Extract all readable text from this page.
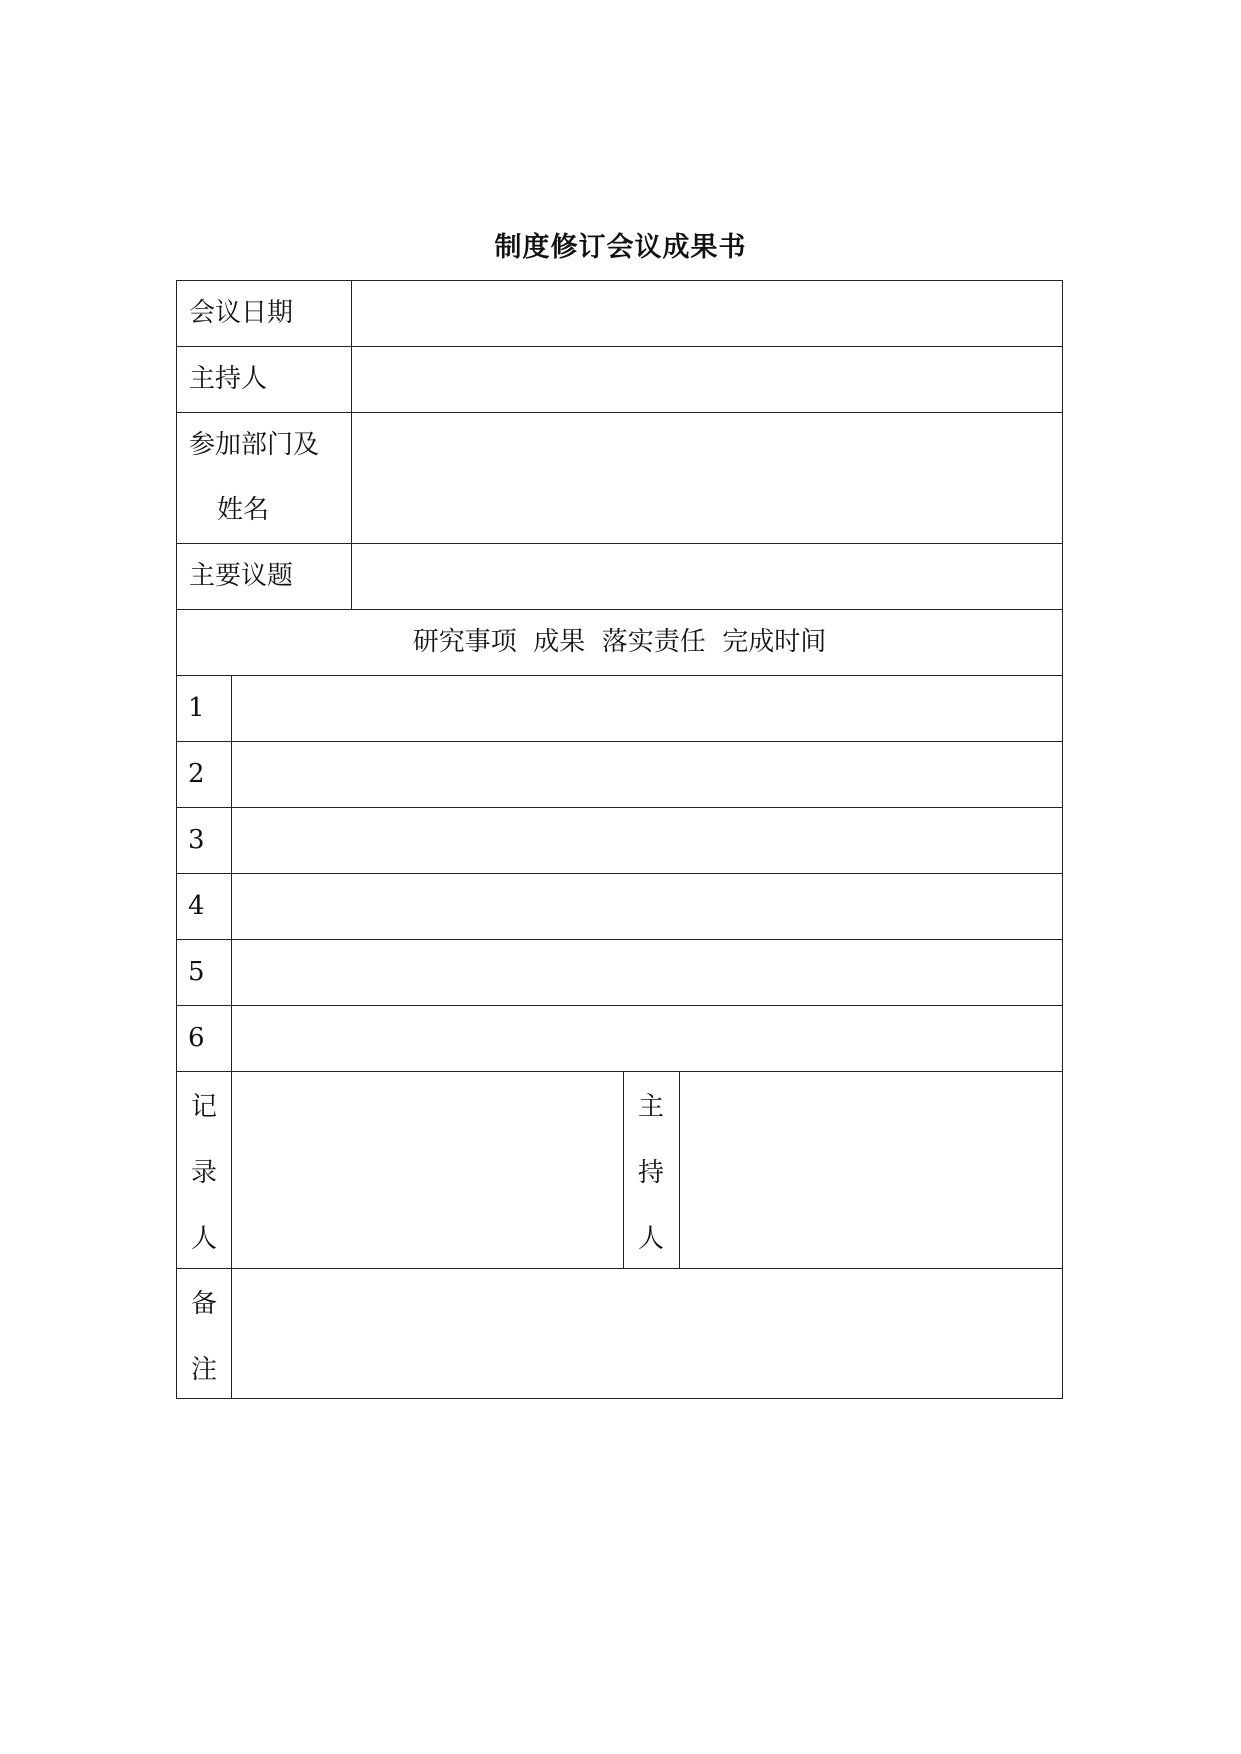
制度修订会议成果书
会议日期
主持人
参加部门及
姓名
主要议题
研究事项  成果  落实责任  完成时间
1
2
3
4
5
6
记
录
人
主
持
人
备
注
